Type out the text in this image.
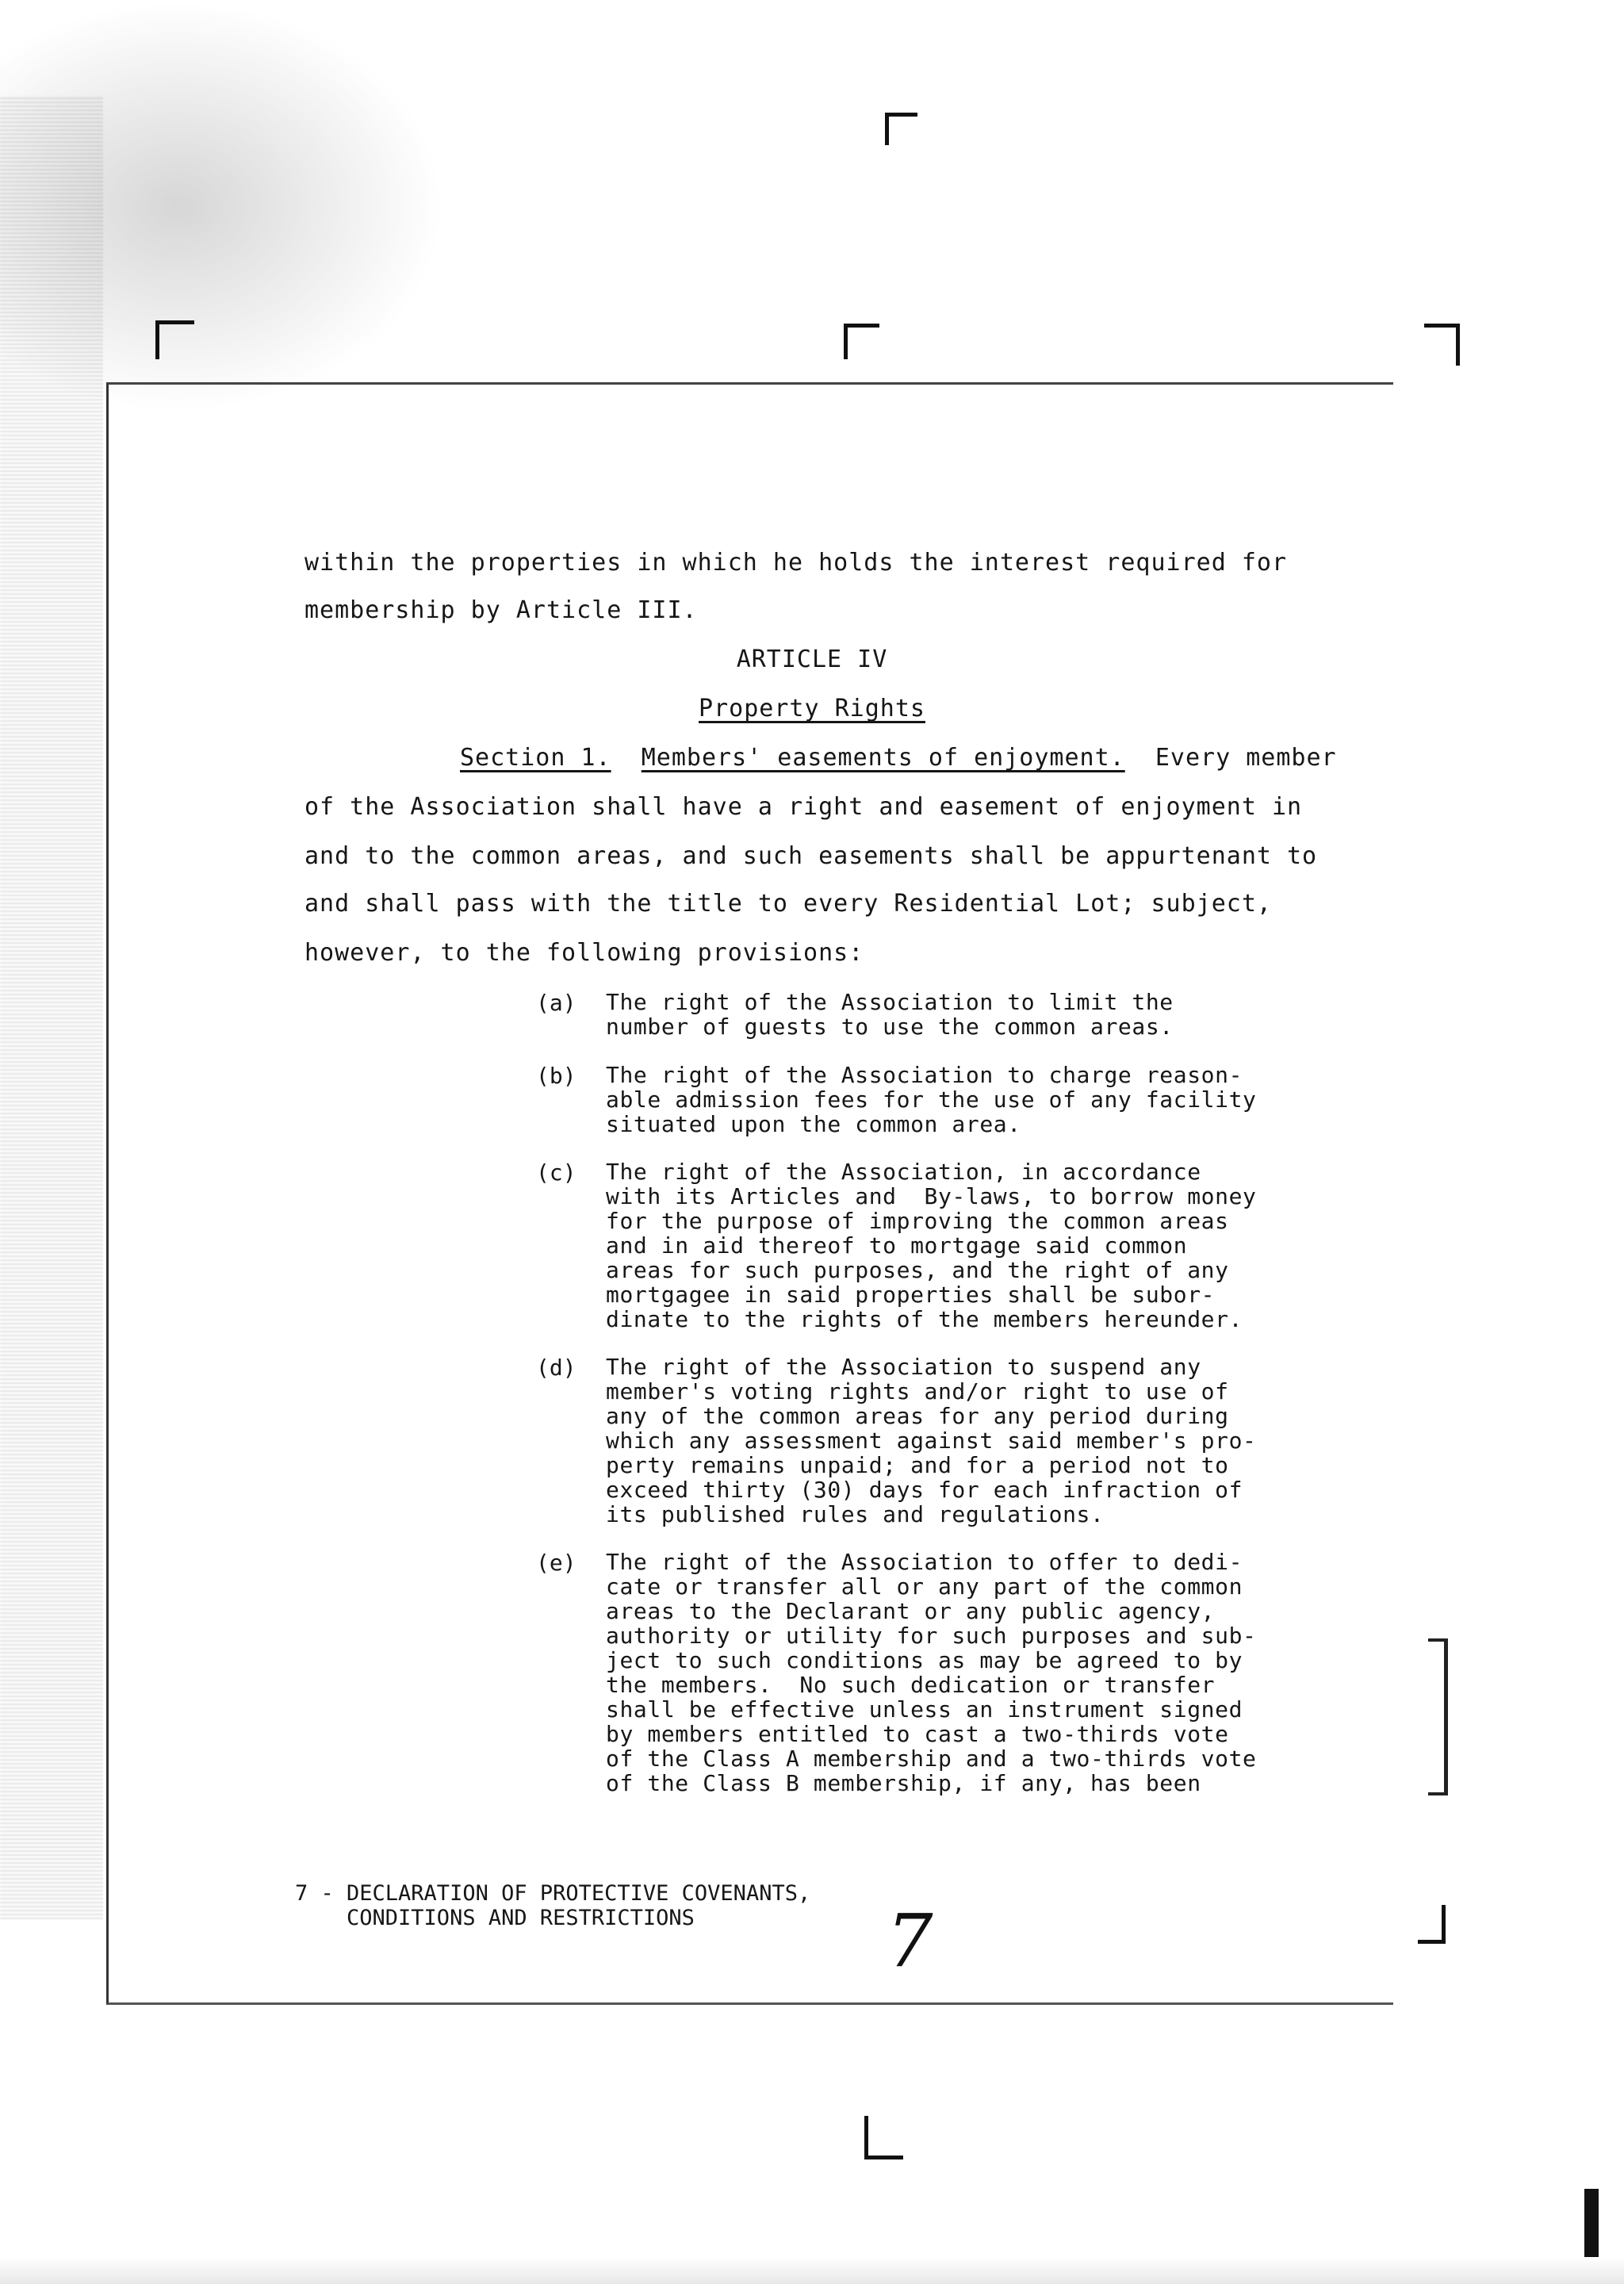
within the properties in which he holds the interest required for
membership by Article III.
ARTICLE IV
Property Rights
Section 1. Members' easements of enjoyment. Every member
of the Association shall have a right and easement of enjoyment in
and to the common areas, and such easements shall be appurtenant to
and shall pass with the title to every Residential Lot; subject,
however, to the following provisions:
(a) The right of the Association to limit the
number of guests to use the common areas.
(b) The right of the Association to charge reason-
able admission fees for the use of any facility
situated upon the common area.
(c) The right of the Association, in accordance
with its Articles and  By-laws, to borrow money
for the purpose of improving the common areas
and in aid thereof to mortgage said common
areas for such purposes, and the right of any
mortgagee in said properties shall be subor-
dinate to the rights of the members hereunder.
(d) The right of the Association to suspend any
member's voting rights and/or right to use of
any of the common areas for any period during
which any assessment against said member's pro-
perty remains unpaid; and for a period not to
exceed thirty (30) days for each infraction of
its published rules and regulations.
(e) The right of the Association to offer to dedi-
cate or transfer all or any part of the common
areas to the Declarant or any public agency,
authority or utility for such purposes and sub-
ject to such conditions as may be agreed to by
the members.  No such dedication or transfer
shall be effective unless an instrument signed
by members entitled to cast a two-thirds vote
of the Class A membership and a two-thirds vote
of the Class B membership, if any, has been
7 - DECLARATION OF PROTECTIVE COVENANTS,
CONDITIONS AND RESTRICTIONS	7
